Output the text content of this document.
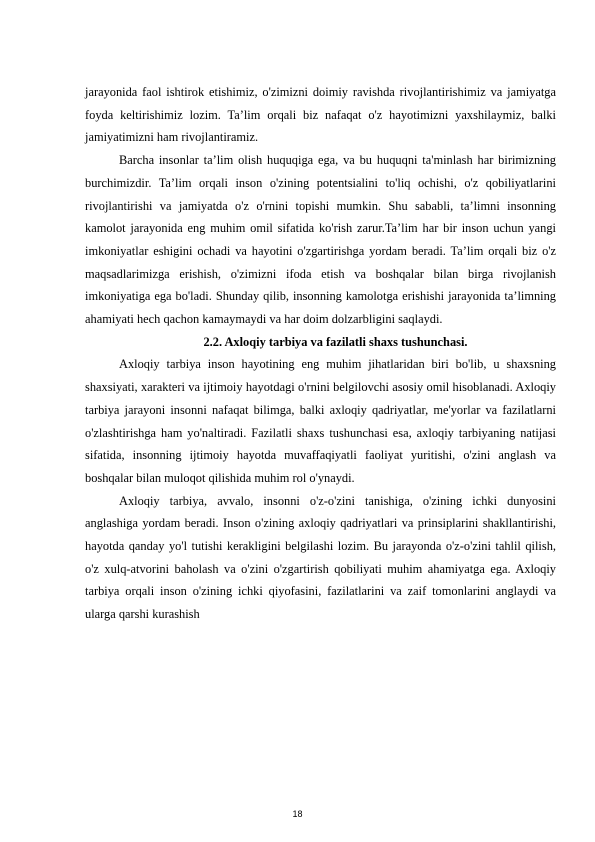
jarayonida faol ishtirok etishimiz, o'zimizni doimiy ravishda rivojlantirishimiz va jamiyatga foyda keltirishimiz lozim. Ta’lim orqali biz nafaqat o'z hayotimizni yaxshilaymiz, balki jamiyatimizni ham rivojlantiramiz.

Barcha insonlar ta’lim olish huquqiga ega, va bu huquqni ta'minlash har birimizning burchimizdir. Ta’lim orqali inson o'zining potentsialini to'liq ochishi, o'z qobiliyatlarini rivojlantirishi va jamiyatda o'z o'rnini topishi mumkin. Shu sababli, ta’limni insonning kamolot jarayonida eng muhim omil sifatida ko'rish zarur.Ta’lim har bir inson uchun yangi imkoniyatlar eshigini ochadi va hayotini o'zgartirishga yordam beradi. Ta’lim orqali biz o'z maqsadlarimizga erishish, o'zimizni ifoda etish va boshqalar bilan birga rivojlanish imkoniyatiga ega bo'ladi. Shunday qilib, insonning kamolotga erishishi jarayonida ta’limning ahamiyati hech qachon kamaymaydi va har doim dolzarbligini saqlaydi.

2.2. Axloqiy tarbiya va fazilatli shaxs tushunchasi.

Axloqiy tarbiya inson hayotining eng muhim jihatlaridan biri bo'lib, u shaxsning shaxsiyati, xarakteri va ijtimoiy hayotdagi o'rnini belgilovchi asosiy omil hisoblanadi. Axloqiy tarbiya jarayoni insonni nafaqat bilimga, balki axloqiy qadriyatlar, me'yorlar va fazilatlarni o'zlashtirishga ham yo'naltiradi. Fazilatli shaxs tushunchasi esa, axloqiy tarbiyaning natijasi sifatida, insonning ijtimoiy hayotda muvaffaqiyatli faoliyat yuritishi, o'zini anglash va boshqalar bilan muloqot qilishida muhim rol o'ynaydi.

Axloqiy tarbiya, avvalo, insonni o'z-o'zini tanishiga, o'zining ichki dunyosini anglashiga yordam beradi. Inson o'zining axloqiy qadriyatlari va prinsiplarini shakllantirishi, hayotda qanday yo'l tutishi kerakligini belgilashi lozim. Bu jarayonda o'z-o'zini tahlil qilish, o'z xulq-atvorini baholash va o'zini o'zgartirish qobiliyati muhim ahamiyatga ega. Axloqiy tarbiya orqali inson o'zining ichki qiyofasini, fazilatlarini va zaif tomonlarini anglaydi va ularga qarshi kurashish

18
